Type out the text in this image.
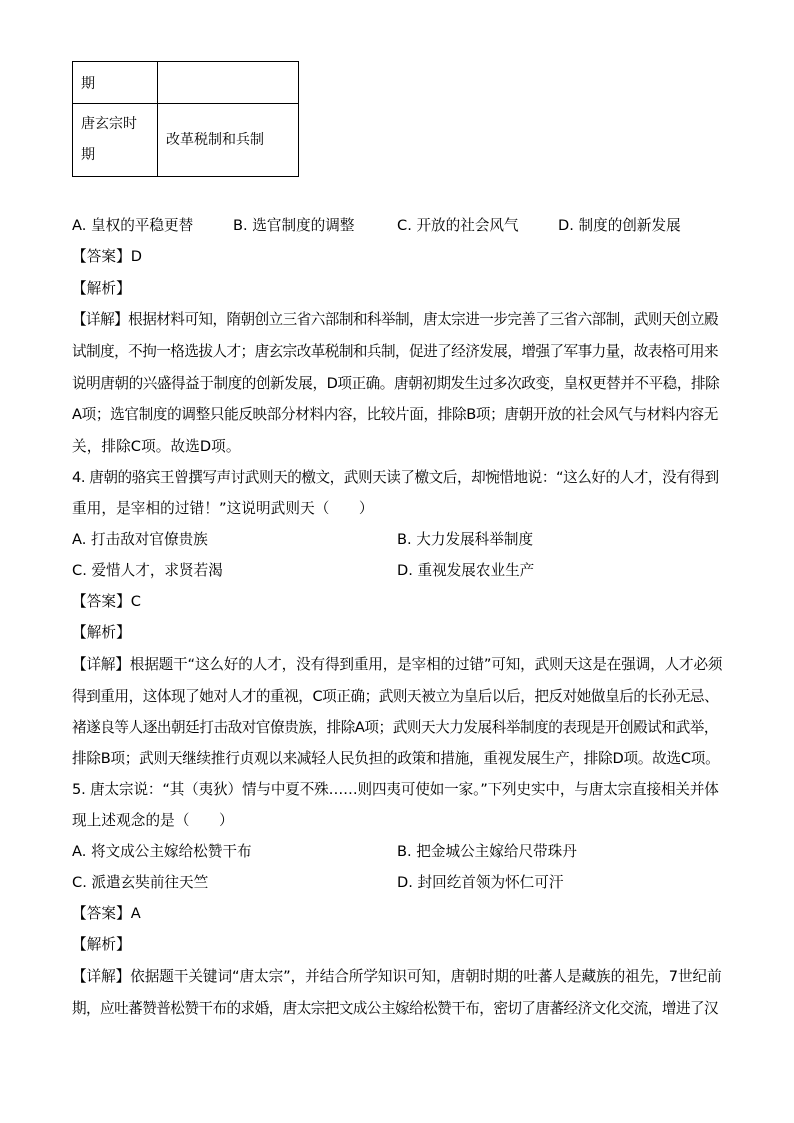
期	

唐玄宗时
期	改革税制和兵制
A. 皇权的平稳更替	B. 选官制度的调整	C. 开放的社会风气	D. 制度的创新发展
【答案】D
【解析】
【详解】根据材料可知，隋朝创立三省六部制和科举制，唐太宗进一步完善了三省六部制，武则天创立殿
试制度，不拘一格选拔人才；唐玄宗改革税制和兵制，促进了经济发展，增强了军事力量，故表格可用来
说明唐朝的兴盛得益于制度的创新发展，D项正确。唐朝初期发生过多次政变，皇权更替并不平稳，排除
A项；选官制度的调整只能反映部分材料内容，比较片面，排除B项；唐朝开放的社会风气与材料内容无
关，排除C项。故选D项。
4. 唐朝的骆宾王曾撰写声讨武则天的檄文，武则天读了檄文后，却惋惜地说：“这么好的人才，没有得到
重用，是宰相的过错！”这说明武则天（　　）
A. 打击敌对官僚贵族	B. 大力发展科举制度
C. 爱惜人才，求贤若渴	D. 重视发展农业生产
【答案】C
【解析】
【详解】根据题干“这么好的人才，没有得到重用，是宰相的过错”可知，武则天这是在强调，人才必须
得到重用，这体现了她对人才的重视，C项正确；武则天被立为皇后以后，把反对她做皇后的长孙无忌、
褚遂良等人逐出朝廷打击敌对官僚贵族，排除A项；武则天大力发展科举制度的表现是开创殿试和武举，
排除B项；武则天继续推行贞观以来减轻人民负担的政策和措施，重视发展生产，排除D项。故选C项。
5. 唐太宗说：“其（夷狄）情与中夏不殊……则四夷可使如一家。”下列史实中，与唐太宗直接相关并体
现上述观念的是（　　）
A. 将文成公主嫁给松赞干布	B. 把金城公主嫁给尺带珠丹
C. 派遣玄奘前往天竺	D. 封回纥首领为怀仁可汗
【答案】A
【解析】
【详解】依据题干关键词“唐太宗”，并结合所学知识可知，唐朝时期的吐蕃人是藏族的祖先，7世纪前
期，应吐蕃赞普松赞干布的求婚，唐太宗把文成公主嫁给松赞干布，密切了唐蕃经济文化交流，增进了汉
